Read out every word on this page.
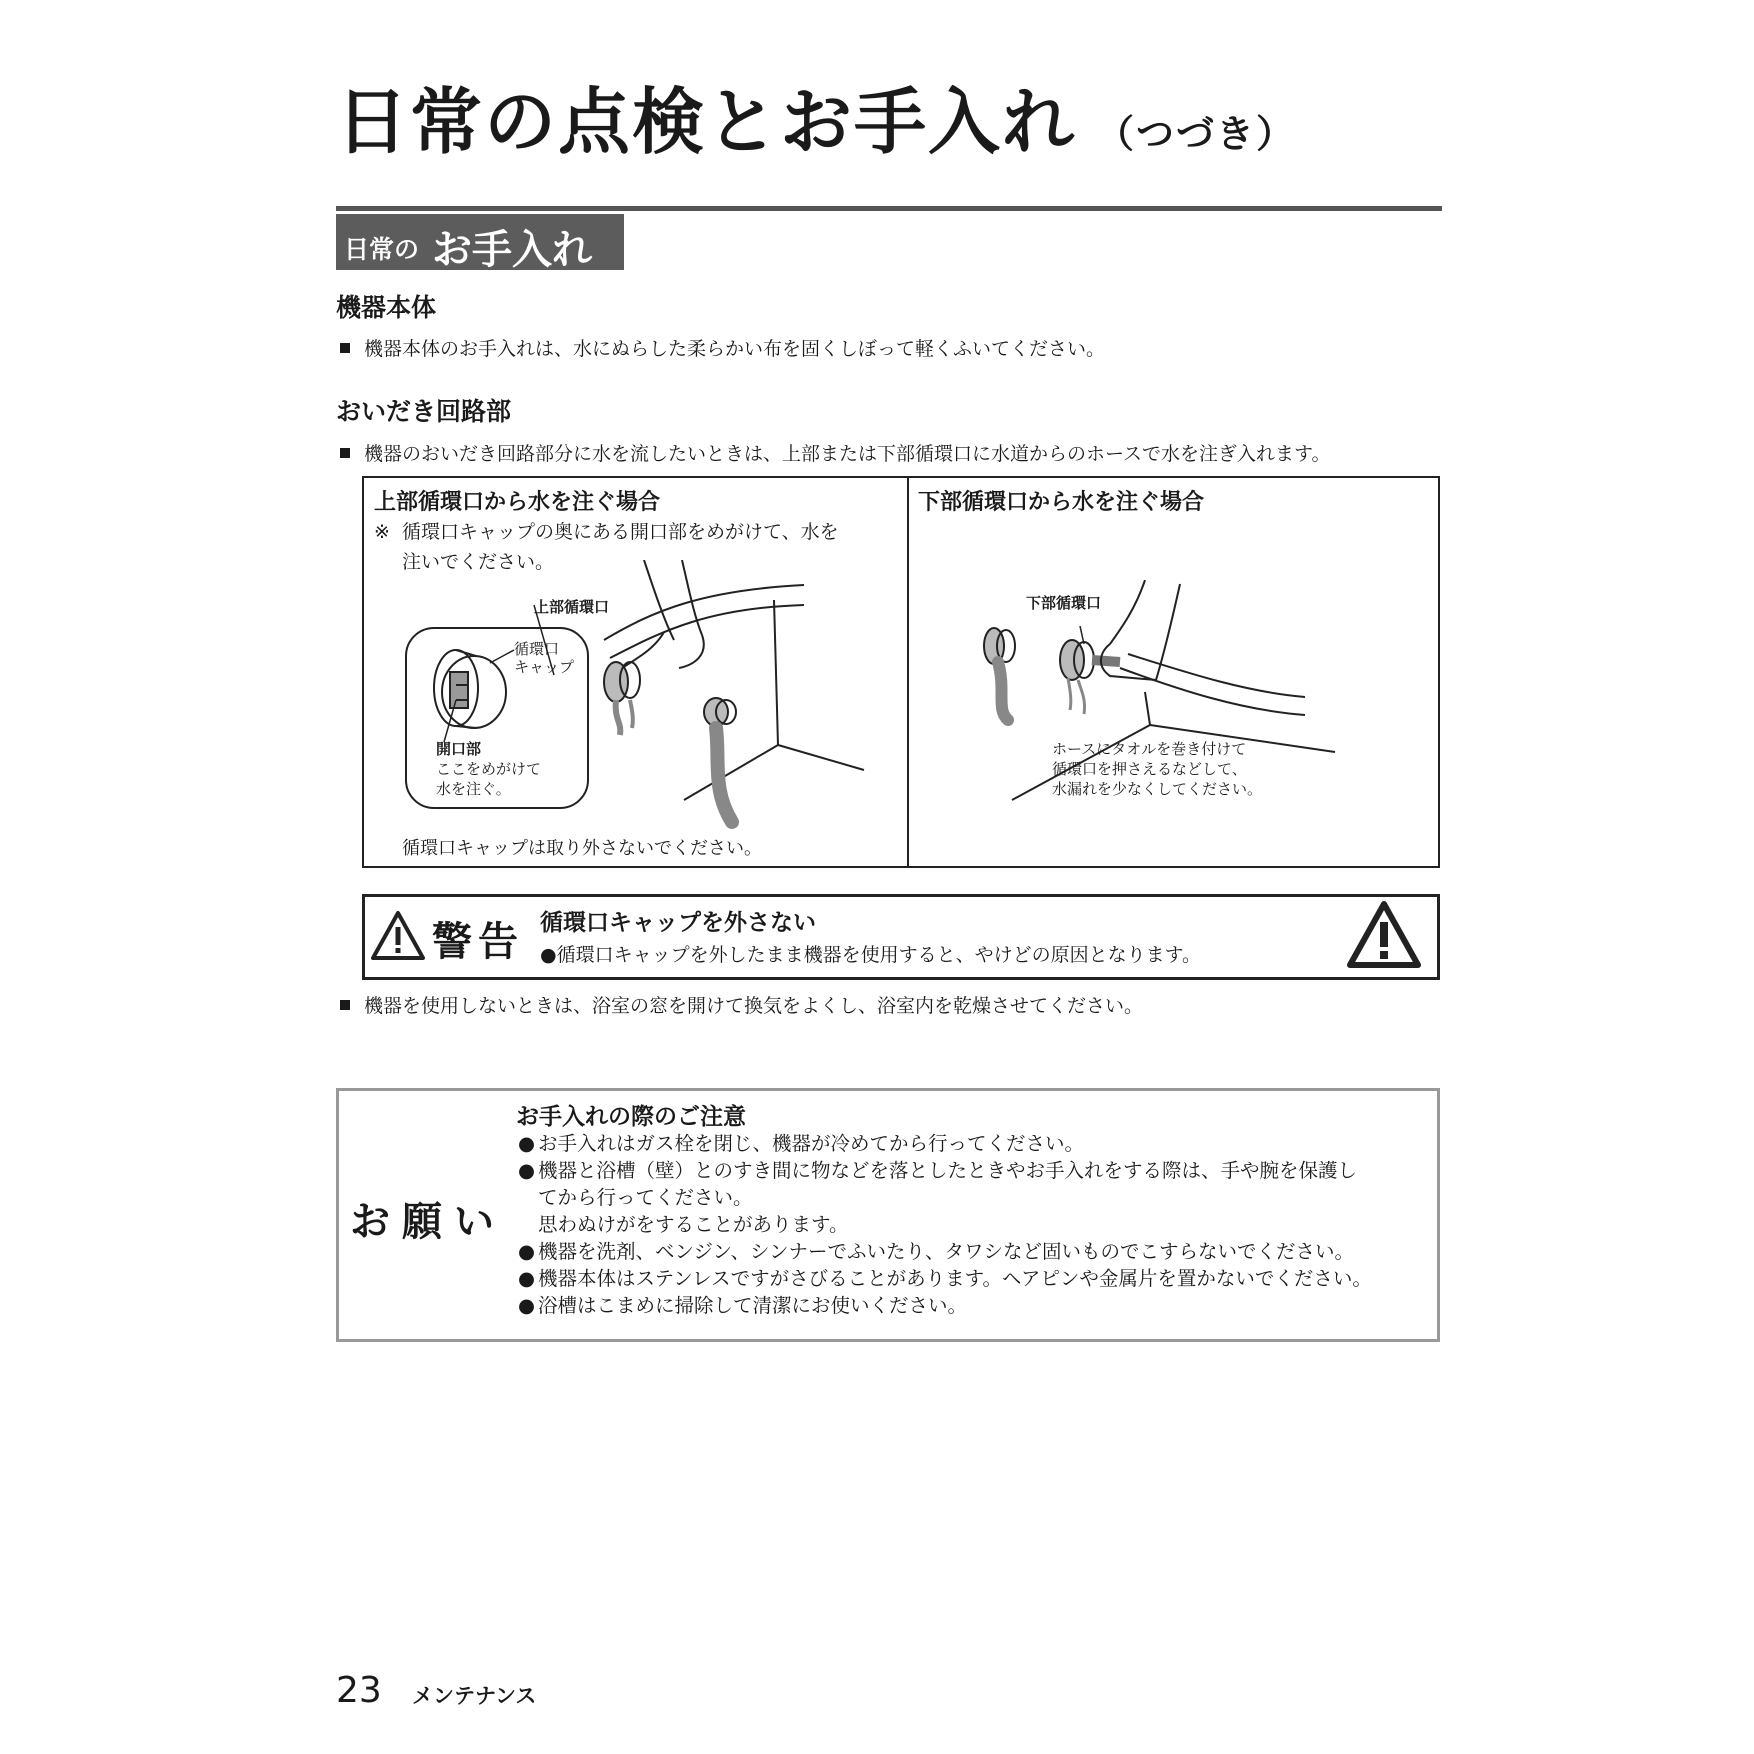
日常の点検とお手入れ （つづき）
日常の お手入れ
機器本体
機器本体のお手入れは、水にぬらした柔らかい布を固くしぼって軽くふいてください。
おいだき回路部
機器のおいだき回路部分に水を流したいときは、上部または下部循環口に水道からのホースで水を注ぎ入れます。
上部循環口から水を注ぐ場合
※ 循環口キャップの奥にある開口部をめがけて、水を
注いでください。
上部循環口
循環口
キャップ
開口部
ここをめがけて
水を注ぐ。
循環口キャップは取り外さないでください。
下部循環口から水を注ぐ場合
下部循環口
ホースにタオルを巻き付けて
循環口を押さえるなどして、
水漏れを少なくしてください。
警告 循環口キャップを外さない
●循環口キャップを外したまま機器を使用すると、やけどの原因となります。
機器を使用しないときは、浴室の窓を開けて換気をよくし、浴室内を乾燥させてください。
お願い
お手入れの際のご注意
● お手入れはガス栓を閉じ、機器が冷めてから行ってください。
● 機器と浴槽（壁）とのすき間に物などを落としたときやお手入れをする際は、手や腕を保護し
てから行ってください。
思わぬけがをすることがあります。
● 機器を洗剤、ベンジン、シンナーでふいたり、タワシなど固いものでこすらないでください。
● 機器本体はステンレスですがさびることがあります。ヘアピンや金属片を置かないでください。
● 浴槽はこまめに掃除して清潔にお使いください。
23 メンテナンス
